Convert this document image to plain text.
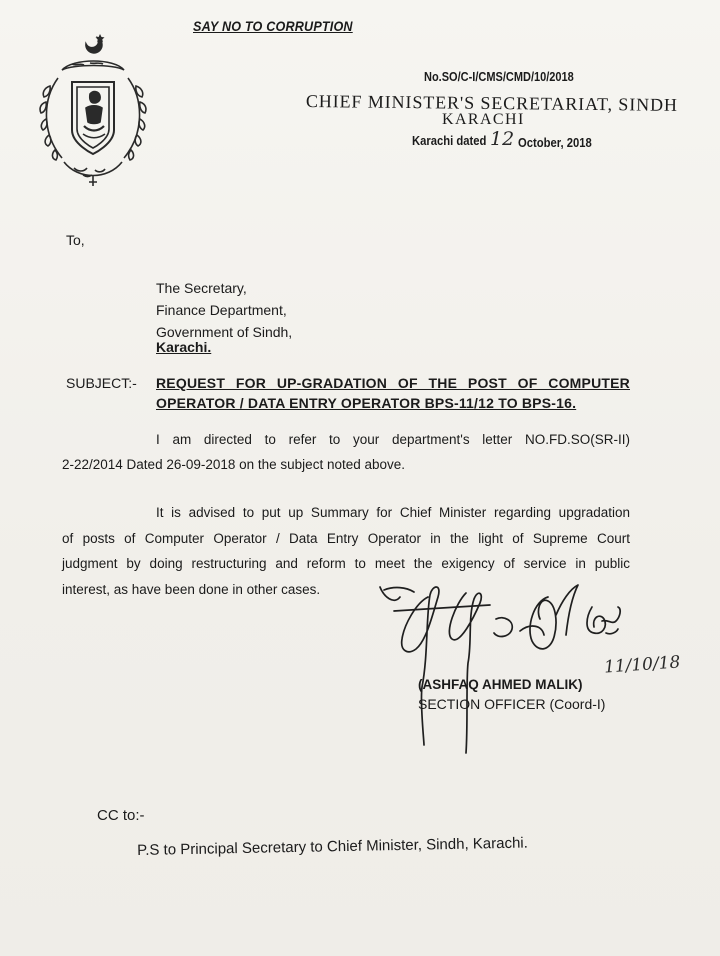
SAY NO TO CORRUPTION
No.SO/C-I/CMS/CMD/10/2018
CHIEF MINISTER'S SECRETARIAT, SINDH
KARACHI
Karachi dated 12 October, 2018
To,
The Secretary,
Finance Department,
Government of Sindh,
Karachi.
SUBJECT:- REQUEST FOR UP-GRADATION OF THE POST OF COMPUTER
OPERATOR / DATA ENTRY OPERATOR BPS-11/12 TO BPS-16.
I am directed to refer to your department's letter NO.FD.SO(SR-II)
2-22/2014 Dated 26-09-2018 on the subject noted above.
It is advised to put up Summary for Chief Minister regarding upgradation
of posts of Computer Operator / Data Entry Operator in the light of Supreme Court
judgment by doing restructuring and reform to meet the exigency of service in public
interest, as have been done in other cases.
11/10/18
(ASHFAQ AHMED MALIK)
SECTION OFFICER (Coord-I)
CC to:-
P.S to Principal Secretary to Chief Minister, Sindh, Karachi.
